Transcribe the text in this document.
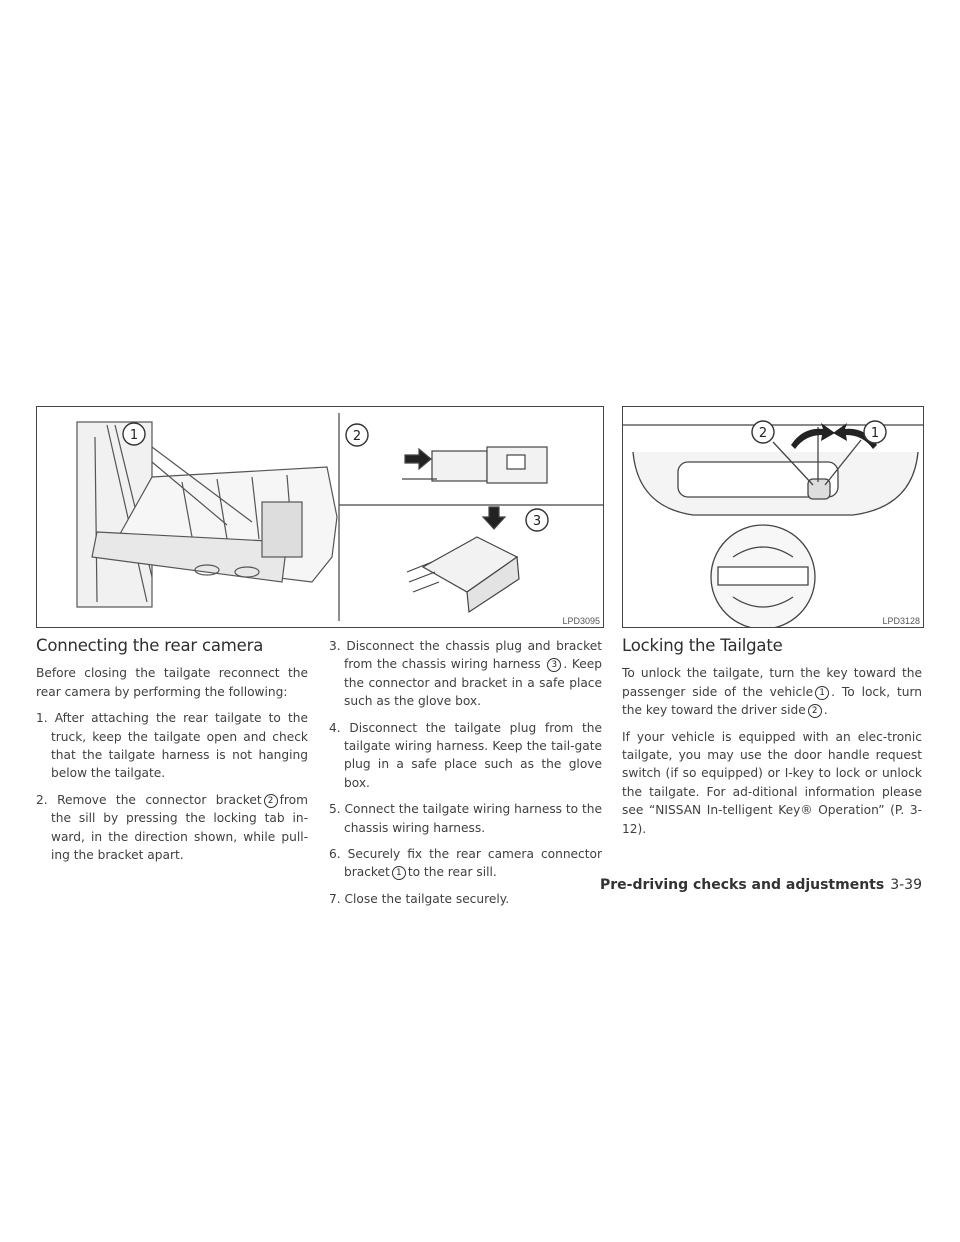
1	2
3
LPD3095
2	1
LPD3128
Connecting the rear camera

Before closing the tailgate reconnect the rear camera by performing the following:

1. After attaching the rear tailgate to the truck, keep the tailgate open and check that the tailgate harness is not hanging below the tailgate.
2. Remove the connector bracket 2 from the sill by pressing the locking tab in-ward, in the direction shown, while pull-ing the bracket apart.
3. Disconnect the chassis plug and bracket from the chassis wiring harness 3 . Keep the connector and bracket in a safe place such as the glove box.
4. Disconnect the tailgate plug from the tailgate wiring harness. Keep the tail-gate plug in a safe place such as the glove box.
5. Connect the tailgate wiring harness to the chassis wiring harness.
6. Securely fix the rear camera connector bracket 1 to the rear sill.
7. Close the tailgate securely.
Locking the Tailgate

To unlock the tailgate, turn the key toward the passenger side of the vehicle 1 . To lock, turn the key toward the driver side 2 .

If your vehicle is equipped with an elec-tronic tailgate, you may use the door handle request switch (if so equipped) or I-key to lock or unlock the tailgate. For ad-ditional information please see “NISSAN In-telligent Key® Operation” (P. 3-12).

Pre-driving checks and adjustments 3-39
